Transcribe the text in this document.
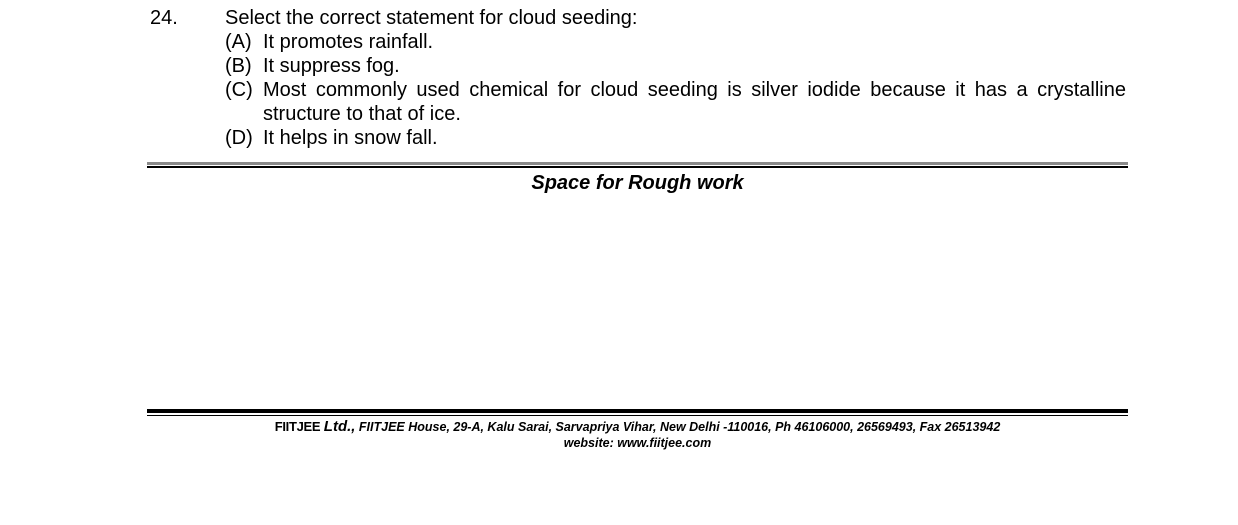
24. Select the correct statement for cloud seeding:
(A) It promotes rainfall.
(B) It suppress fog.
(C) Most commonly used chemical for cloud seeding is silver iodide because it has a crystalline structure to that of ice.
(D) It helps in snow fall.
Space for Rough work
FIITJEE Ltd., FIITJEE House, 29-A, Kalu Sarai, Sarvapriya Vihar, New Delhi -110016, Ph 46106000, 26569493, Fax 26513942
website: www.fiitjee.com
